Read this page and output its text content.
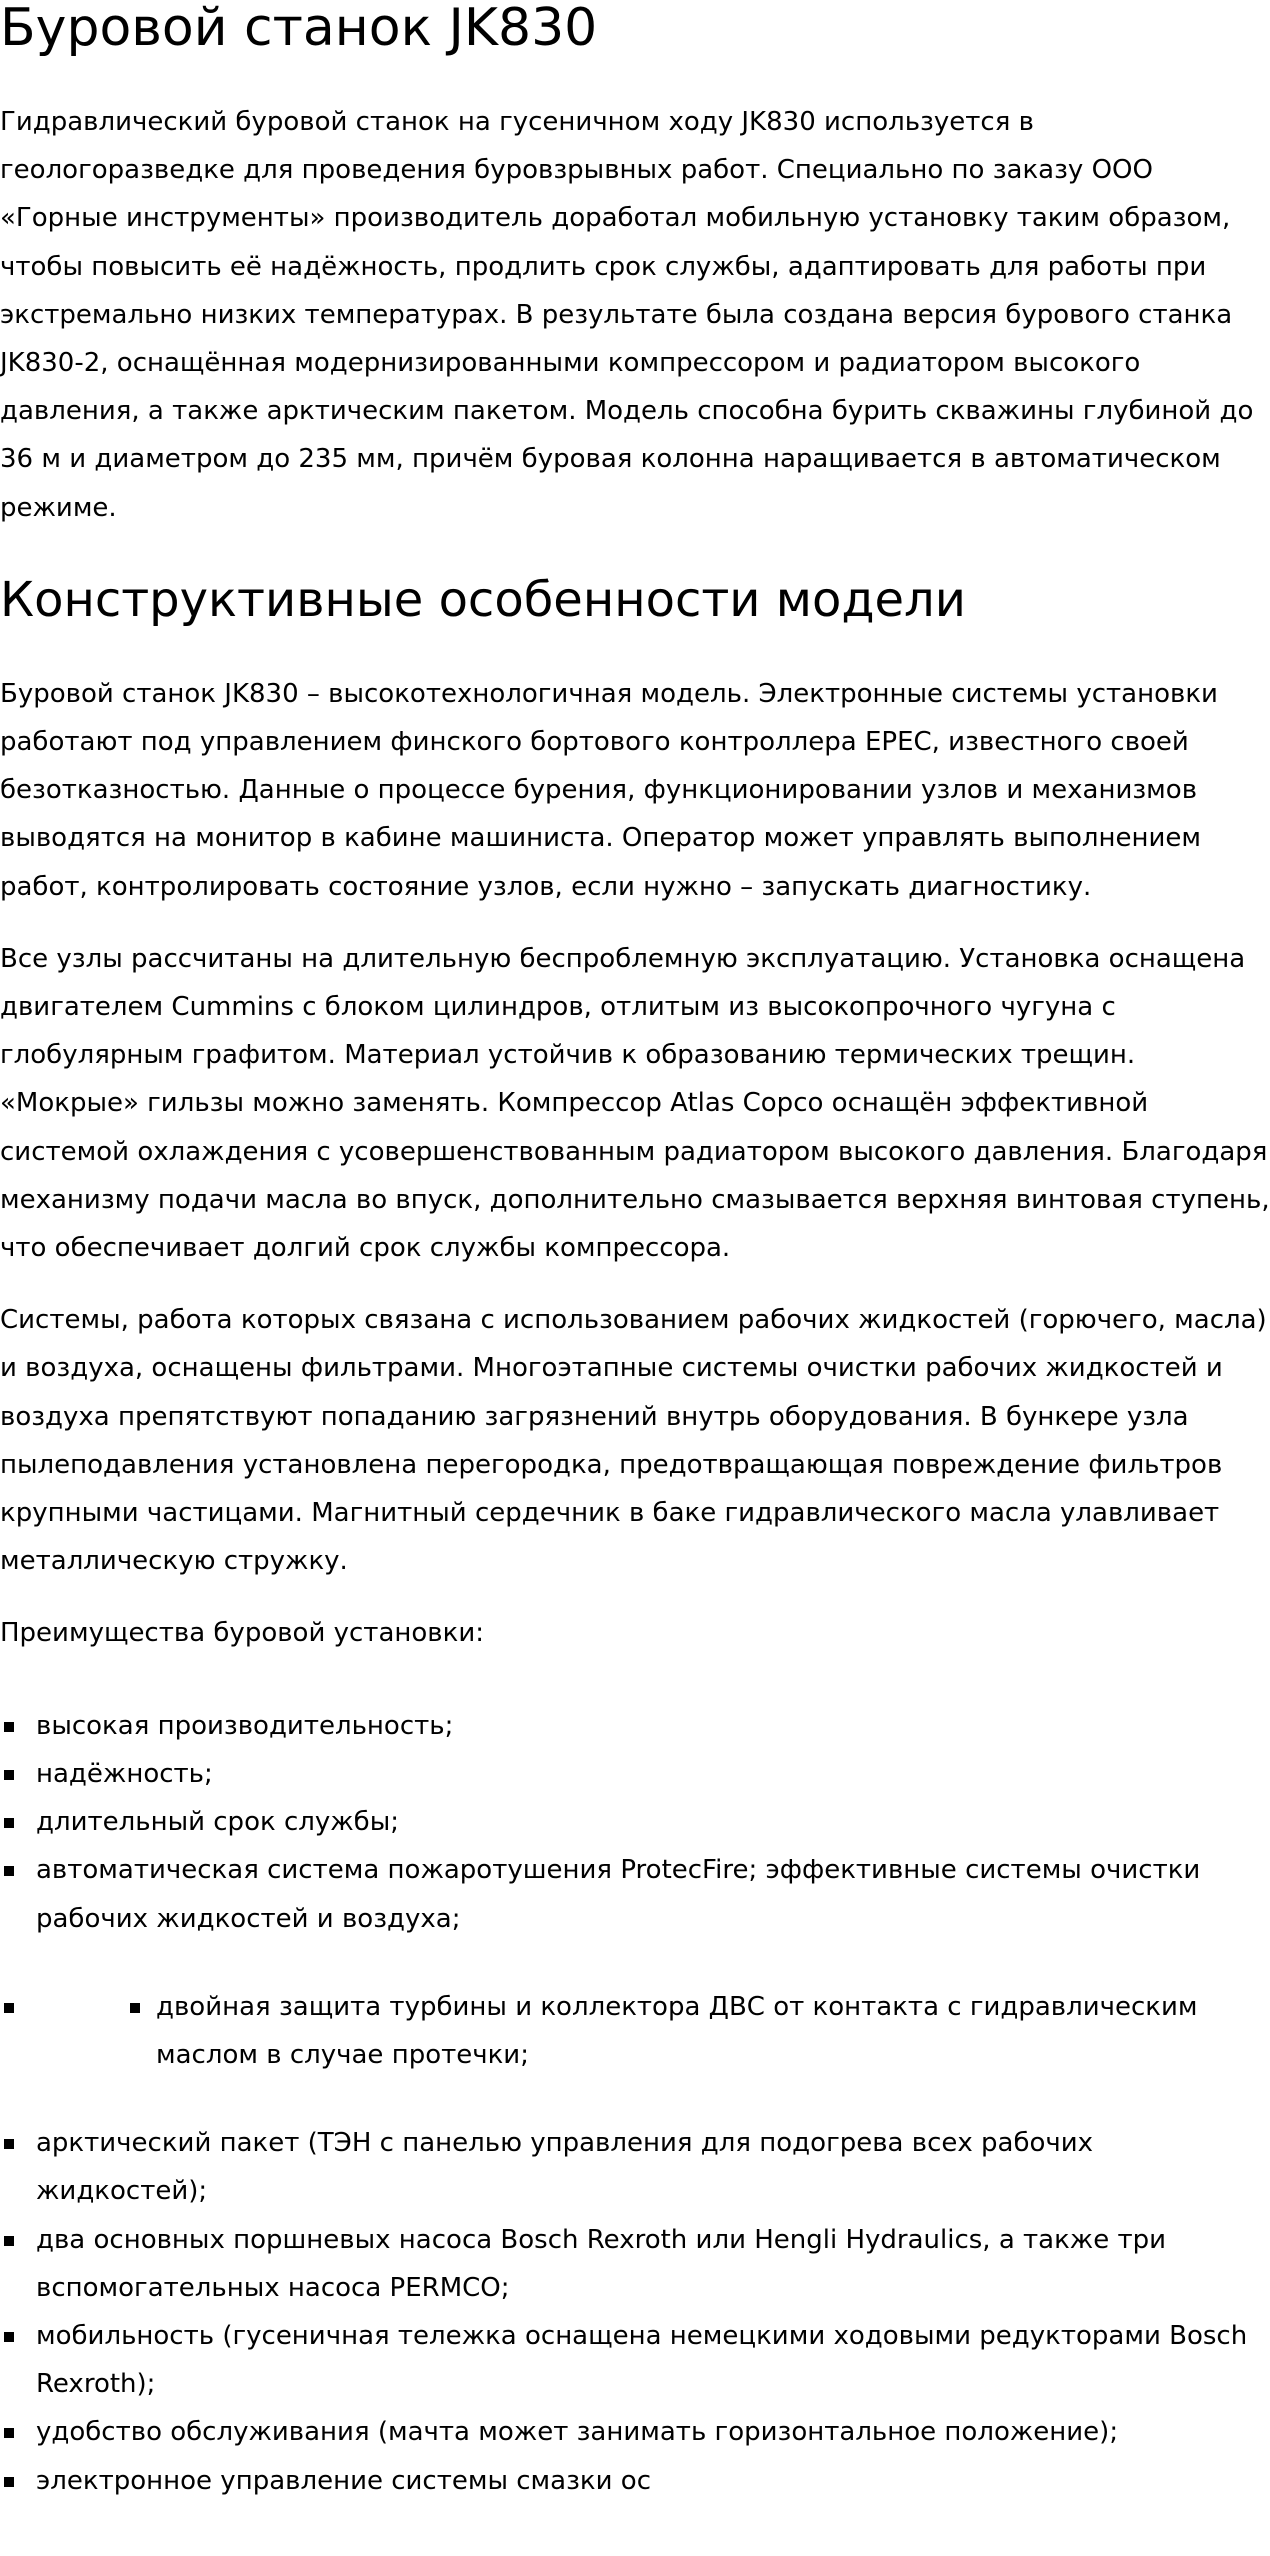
Буровой станок JK830

Гидравлический буровой станок на гусеничном ходу JK830 используется в геологоразведке для проведения буровзрывных работ. Специально по заказу ООО «Горные инструменты» производитель доработал мобильную установку таким образом, чтобы повысить её надёжность, продлить срок службы, адаптировать для работы при экстремально низких температурах. В результате была создана версия бурового станка JK830-2, оснащённая модернизированными компрессором и радиатором высокого давления, а также арктическим пакетом. Модель способна бурить скважины глубиной до 36 м и диаметром до 235 мм, причём буровая колонна наращивается в автоматическом режиме.

Конструктивные особенности модели

Буровой станок JK830 – высокотехнологичная модель. Электронные системы установки работают под управлением финского бортового контроллера EPEC, известного своей безотказностью. Данные о процессе бурения, функционировании узлов и механизмов выводятся на монитор в кабине машиниста. Оператор может управлять выполнением работ, контролировать состояние узлов, если нужно – запускать диагностику.

Все узлы рассчитаны на длительную беспроблемную эксплуатацию. Установка оснащена двигателем Cummins с блоком цилиндров, отлитым из высокопрочного чугуна с глобулярным графитом. Материал устойчив к образованию термических трещин. «Мокрые» гильзы можно заменять. Компрессор Atlas Copco оснащён эффективной системой охлаждения с усовершенствованным радиатором высокого давления. Благодаря механизму подачи масла во впуск, дополнительно смазывается верхняя винтовая ступень, что обеспечивает долгий срок службы компрессора.

Системы, работа которых связана с использованием рабочих жидкостей (горючего, масла) и воздуха, оснащены фильтрами. Многоэтапные системы очистки рабочих жидкостей и воздуха препятствуют попаданию загрязнений внутрь оборудования. В бункере узла пылеподавления установлена перегородка, предотвращающая повреждение фильтров крупными частицами. Магнитный сердечник в баке гидравлического масла улавливает металлическую стружку.

Преимущества буровой установки:

высокая производительность;
надёжность;
длительный срок службы;
автоматическая система пожаротушения ProtecFire; эффективные системы очистки рабочих жидкостей и воздуха;
двойная защита турбины и коллектора ДВС от контакта с гидравлическим маслом в случае протечки;
арктический пакет (ТЭН с панелью управления для подогрева всех рабочих жидкостей);
два основных поршневых насоса Bosch Rexroth или Hengli Hydraulics, а также три вспомогательных насоса PERMCO;
мобильность (гусеничная тележка оснащена немецкими ходовыми редукторами Bosch Rexroth);
удобство обслуживания (мачта может занимать горизонтальное положение);
электронное управление системы смазки ос
